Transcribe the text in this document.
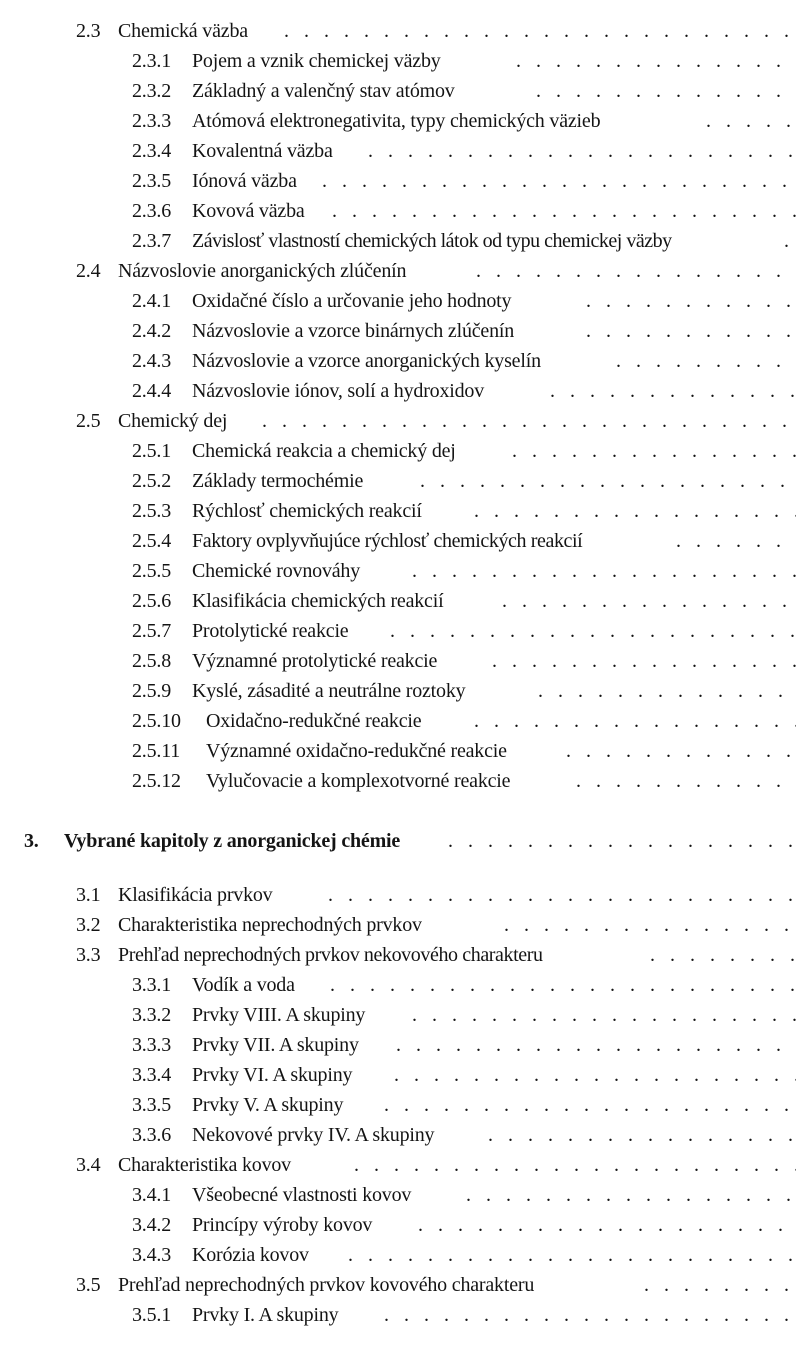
2.3 Chemická väzba
. . .
2.3.1 Pojem a vznik chemickej väzby
. . .
2.3.2 Základný a valenčný stav atómov
. . .
2.3.3 Atómová elektronegativita, typy chemických väzieb
. . .
2.3.4 Kovalentná väzba
. . .
2.3.5 Iónová väzba
. . .
2.3.6 Kovová väzba
. . .
2.3.7 Závislosť vlastností chemických látok od typu chemickej väzby
. . .
2.4 Názvoslovie anorganických zlúčenín
. . .
2.4.1 Oxidačné číslo a určovanie jeho hodnoty
. . .
2.4.2 Názvoslovie a vzorce binárnych zlúčenín
. . .
2.4.3 Názvoslovie a vzorce anorganických kyselín
. . .
2.4.4 Názvoslovie iónov, solí a hydroxidov
. . .
2.5 Chemický dej
. . .
2.5.1 Chemická reakcia a chemický dej
. . .
2.5.2 Základy termochémie
. . .
2.5.3 Rýchlosť chemických reakcií
. . .
2.5.4 Faktory ovplyvňujúce rýchlosť chemických reakcií
. . .
2.5.5 Chemické rovnováhy
. . .
2.5.6 Klasifikácia chemických reakcií
. . .
2.5.7 Protolytické reakcie
. . .
2.5.8 Významné protolytické reakcie
. . .
2.5.9 Kyslé, zásadité a neutrálne roztoky
. . .
2.5.10 Oxidačno-redukčné reakcie
. . .
2.5.11 Významné oxidačno-redukčné reakcie
. . .
2.5.12 Vylučovacie a komplexotvorné reakcie
. . .
3. Vybrané kapitoly z anorganickej chémie
. . .
3.1 Klasifikácia prvkov
. . .
3.2 Charakteristika neprechodných prvkov
. . .
3.3 Prehľad neprechodných prvkov nekovového charakteru
. . .
3.3.1 Vodík a voda
. . .
3.3.2 Prvky VIII. A skupiny
. . .
3.3.3 Prvky VII. A skupiny
. . .
3.3.4 Prvky VI. A skupiny
. . .
3.3.5 Prvky V. A skupiny
. . .
3.3.6 Nekovové prvky IV. A skupiny
. . .
3.4 Charakteristika kovov
. . .
3.4.1 Všeobecné vlastnosti kovov
. . .
3.4.2 Princípy výroby kovov
. . .
3.4.3 Korózia kovov
. . .
3.5 Prehľad neprechodných prvkov kovového charakteru
. . .
3.5.1 Prvky I. A skupiny
. . .
